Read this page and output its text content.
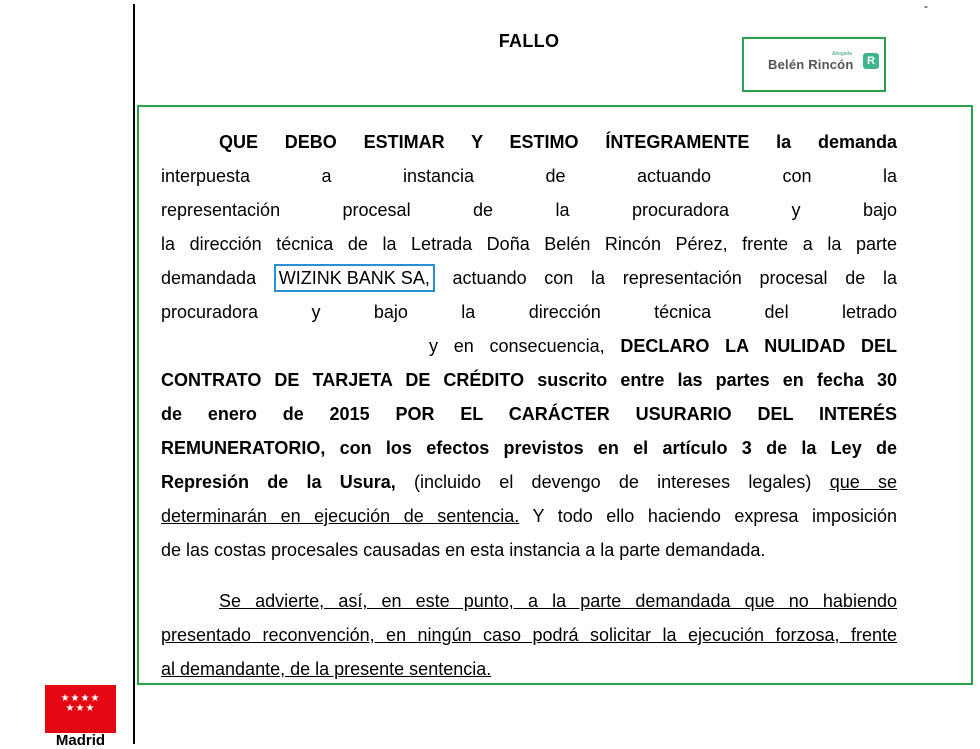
-
FALLO
Abogada
Belén Rincón	R
QUE DEBO ESTIMAR Y ESTIMO ÍNTEGRAMENTE la demanda
interpuesta a instancia de	actuando con la
representación procesal de la procuradora	y bajo
la dirección técnica de la Letrada Doña Belén Rincón Pérez, frente a la parte
demandada WIZINK BANK SA, actuando con la representación procesal de la
procuradora	y bajo la dirección técnica del letrado
y en consecuencia, DECLARO LA NULIDAD DEL
CONTRATO DE TARJETA DE CRÉDITO suscrito entre las partes en fecha 30
de enero de 2015 POR EL CARÁCTER USURARIO DEL INTERÉS
REMUNERATORIO, con los efectos previstos en el artículo 3 de la Ley de
Represión de la Usura, (incluido el devengo de intereses legales) que se
determinarán en ejecución de sentencia. Y todo ello haciendo expresa imposición
de las costas procesales causadas en esta instancia a la parte demandada.
Se advierte, así, en este punto, a la parte demandada que no habiendo
presentado reconvención, en ningún caso podrá solicitar la ejecución forzosa, frente
al demandante, de la presente sentencia.
★★★★ ★★★
Madrid
